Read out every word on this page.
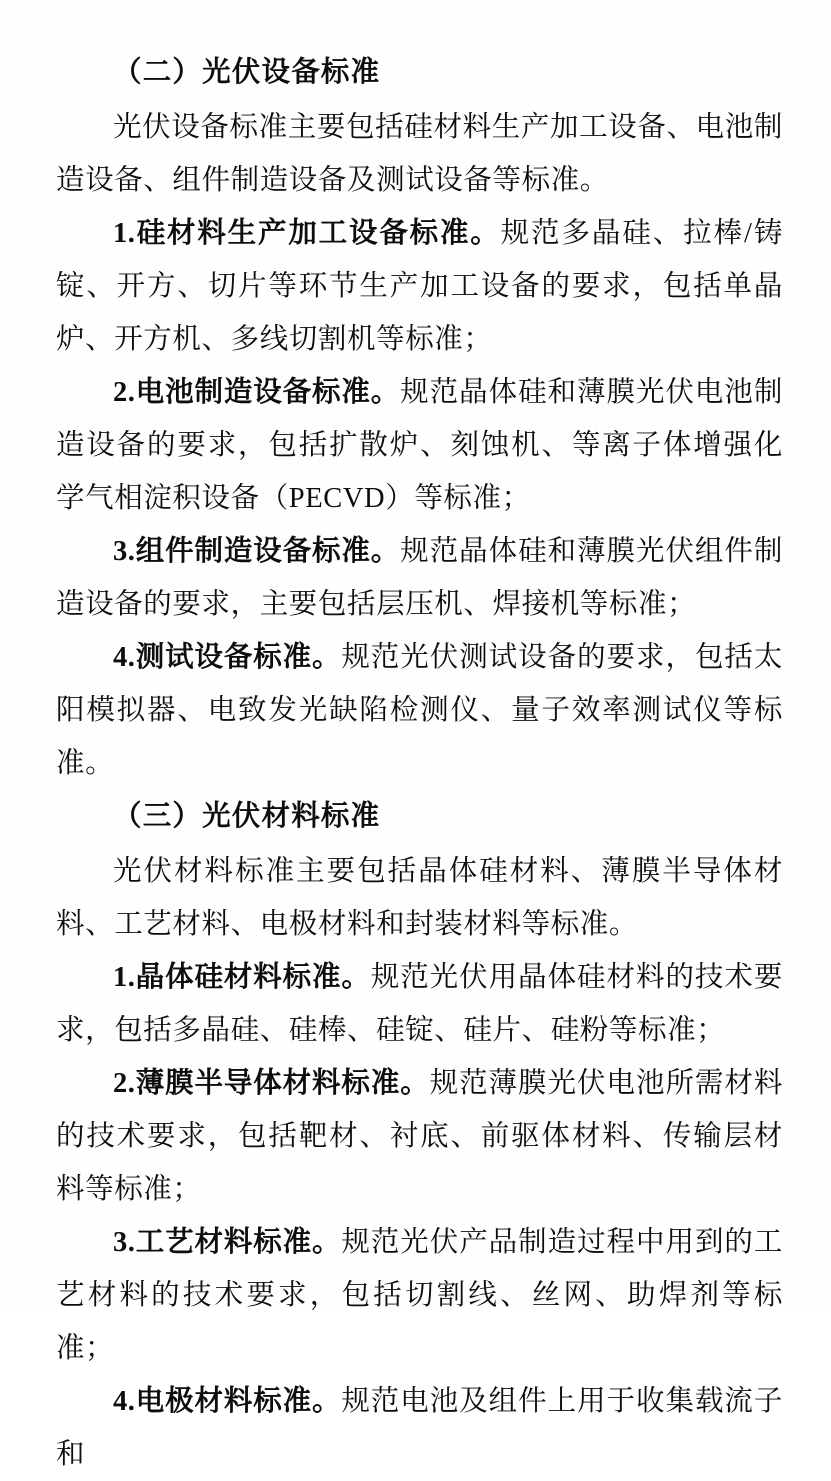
（二）光伏设备标准

光伏设备标准主要包括硅材料生产加工设备、电池制造设备、组件制造设备及测试设备等标准。

1.硅材料生产加工设备标准。规范多晶硅、拉棒/铸锭、开方、切片等环节生产加工设备的要求，包括单晶炉、开方机、多线切割机等标准；

2.电池制造设备标准。规范晶体硅和薄膜光伏电池制造设备的要求，包括扩散炉、刻蚀机、等离子体增强化学气相淀积设备（PECVD）等标准；

3.组件制造设备标准。规范晶体硅和薄膜光伏组件制造设备的要求，主要包括层压机、焊接机等标准；

4.测试设备标准。规范光伏测试设备的要求，包括太阳模拟器、电致发光缺陷检测仪、量子效率测试仪等标准。

（三）光伏材料标准

光伏材料标准主要包括晶体硅材料、薄膜半导体材料、工艺材料、电极材料和封装材料等标准。

1.晶体硅材料标准。规范光伏用晶体硅材料的技术要求，包括多晶硅、硅棒、硅锭、硅片、硅粉等标准；

2.薄膜半导体材料标准。规范薄膜光伏电池所需材料的技术要求，包括靶材、衬底、前驱体材料、传输层材料等标准；

3.工艺材料标准。规范光伏产品制造过程中用到的工艺材料的技术要求，包括切割线、丝网、助焊剂等标准；

4.电极材料标准。规范电池及组件上用于收集载流子和
